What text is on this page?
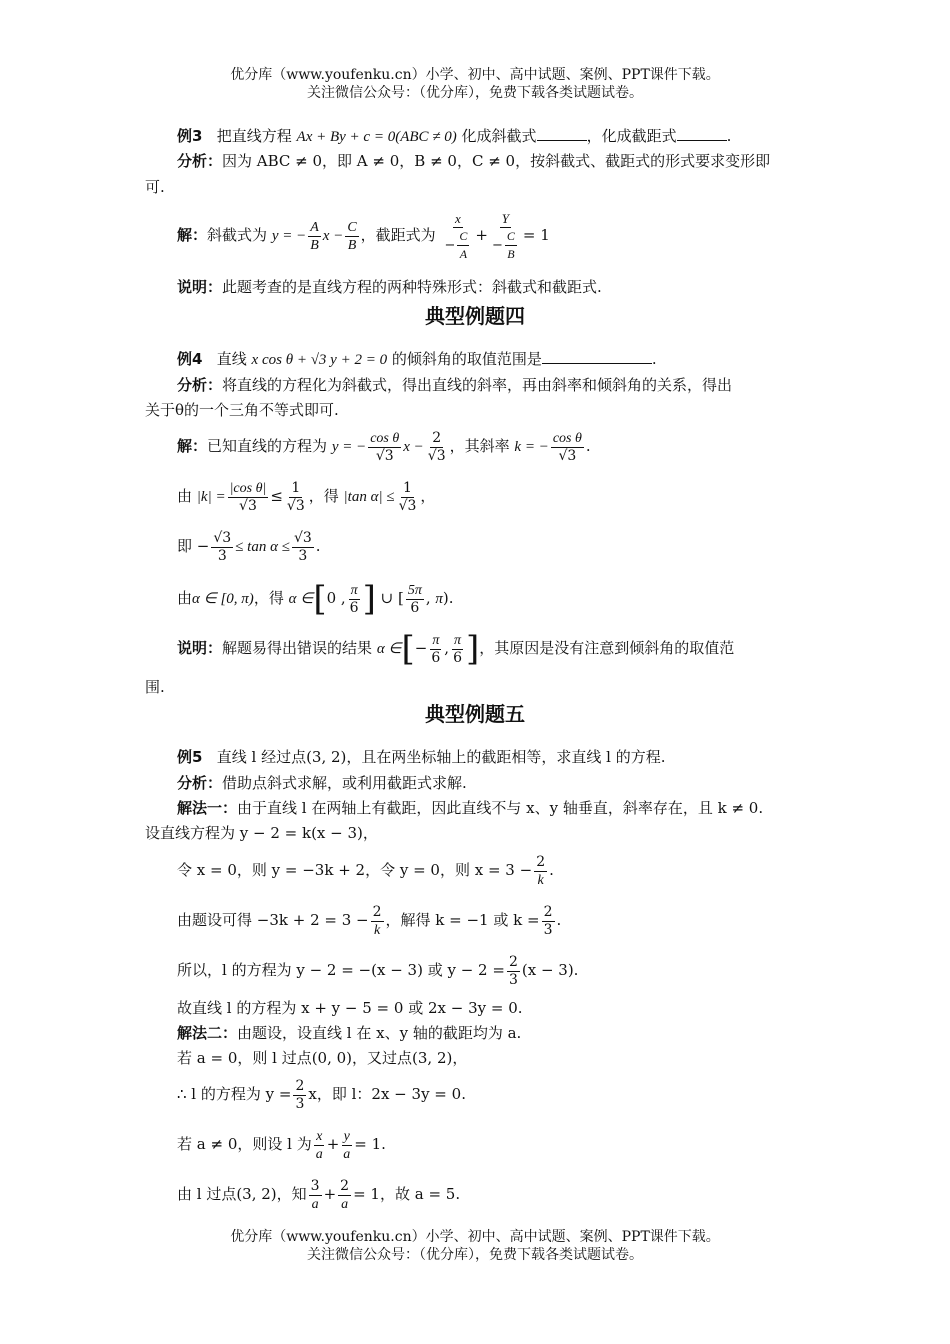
优分库（www.youfenku.cn）小学、初中、高中试题、案例、PPT课件下载。
关注微信公众号：（优分库），免费下载各类试题试卷。
例3 把直线方程 Ax + By + c = 0(ABC ≠ 0) 化成斜截式	，化成截距式	.
分析：因为 ABC ≠ 0，即 A ≠ 0，B ≠ 0，C ≠ 0，按斜截式、截距式的形式要求变形即
可.
解：斜截式为 y = − $\frac{A}{B}$ $x - \frac{C}{B}$ ，截距式为 $\frac{x}{- \frac{C}{A}} + \frac{Y}{- \frac{C}{B}} = 1$
说明：此题考查的是直线方程的两种特殊形式：斜截式和截距式.
典型例题四
例4 直线 x cos θ + √3 y + 2 = 0 的倾斜角的取值范围是	.
分析：将直线的方程化为斜截式，得出直线的斜率，再由斜率和倾斜角的关系，得出
关于θ的一个三角不等式即可.
解：已知直线的方程为 y = − $\frac{\text{cos θ}}{√3}$ $x - \frac{2}{√3}$ ，其斜率 k = − $\frac{\text{cos θ}}{√3}$ .
由 $|k| = \frac{\text{|cos θ|}}{√3} \le \frac{1}{√3}$ ，得 |tan $\alpha| \le \frac{1}{√3}$ ，
即 − $\frac{√3}{3} \le \tan \alpha \le \frac{√3}{3}$ .
由α ∈ [0, π)，得 α ∈[0 , $\frac{\pi}{6}$ ] ∪ [ $\frac{5\pi}{6}$ , π).
说明：解题易得出错误的结果 α ∈[− $\frac{\pi}{6}$ , $\frac{\pi}{6}$ ]，其原因是没有注意到倾斜角的取值范
围.
典型例题五
例5 直线 l 经过点(3, 2)，且在两坐标轴上的截距相等，求直线 l 的方程.
分析：借助点斜式求解，或利用截距式求解.
解法一：由于直线 l 在两轴上有截距，因此直线不与 x、y 轴垂直，斜率存在，且 k ≠ 0.
设直线方程为 y − 2 = k(x − 3)，
令 x = 0，则 y = −3k + 2，令 y = 0，则 $x = 3 - \frac{2}{k}$ .
由题设可得 $-3k + 2 = 3 - \frac{2}{k}$ ，解得 k = −1 或 $k = \frac{2}{3}$ .
所以，l 的方程为 y − 2 = −(x − 3) 或 $y - 2 = \frac{2}{3} (x - 3)$.
故直线 l 的方程为 x + y − 5 = 0 或 2x − 3y = 0.
解法二：由题设，设直线 l 在 x、y 轴的截距均为 a.
若 a = 0，则 l 过点(0, 0)，又过点(3, 2)，
∴ l 的方程为 $y = \frac{2}{3}$ x，即 l：2x − 3y = 0.
若 a ≠ 0，则设 l 为 $\frac{x}{a} + \frac{y}{a} = 1$.
由 l 过点(3, 2)，知 $\frac{3}{a} + \frac{2}{a} = 1$，故 a = 5.
优分库（www.youfenku.cn）小学、初中、高中试题、案例、PPT课件下载。
关注微信公众号：（优分库），免费下载各类试题试卷。
